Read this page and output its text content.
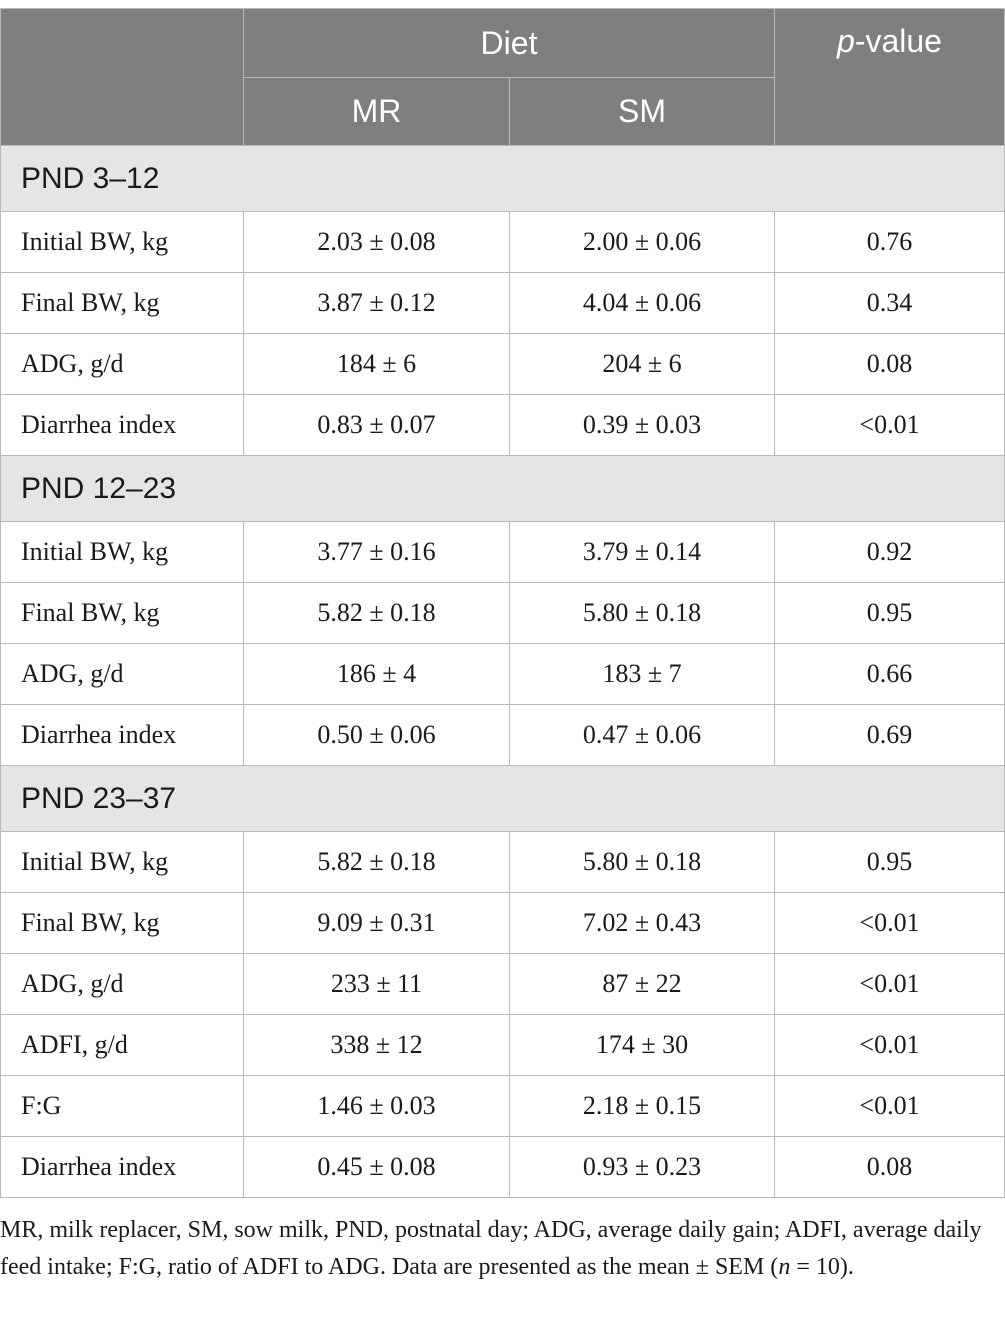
	Diet		p-value
	MR	SM	
PND 3–12			
Initial BW, kg	2.03 ± 0.08	2.00 ± 0.06	0.76
Final BW, kg	3.87 ± 0.12	4.04 ± 0.06	0.34
ADG, g/d	184 ± 6	204 ± 6	0.08
Diarrhea index	0.83 ± 0.07	0.39 ± 0.03	<0.01
PND 12–23			
Initial BW, kg	3.77 ± 0.16	3.79 ± 0.14	0.92
Final BW, kg	5.82 ± 0.18	5.80 ± 0.18	0.95
ADG, g/d	186 ± 4	183 ± 7	0.66
Diarrhea index	0.50 ± 0.06	0.47 ± 0.06	0.69
PND 23–37			
Initial BW, kg	5.82 ± 0.18	5.80 ± 0.18	0.95
Final BW, kg	9.09 ± 0.31	7.02 ± 0.43	<0.01
ADG, g/d	233 ± 11	87 ± 22	<0.01
ADFI, g/d	338 ± 12	174 ± 30	<0.01
F:G	1.46 ± 0.03	2.18 ± 0.15	<0.01
Diarrhea index	0.45 ± 0.08	0.93 ± 0.23	0.08
MR, milk replacer, SM, sow milk, PND, postnatal day; ADG, average daily gain; ADFI, average daily feed intake; F:G, ratio of ADFI to ADG. Data are presented as the mean ± SEM (n = 10).
